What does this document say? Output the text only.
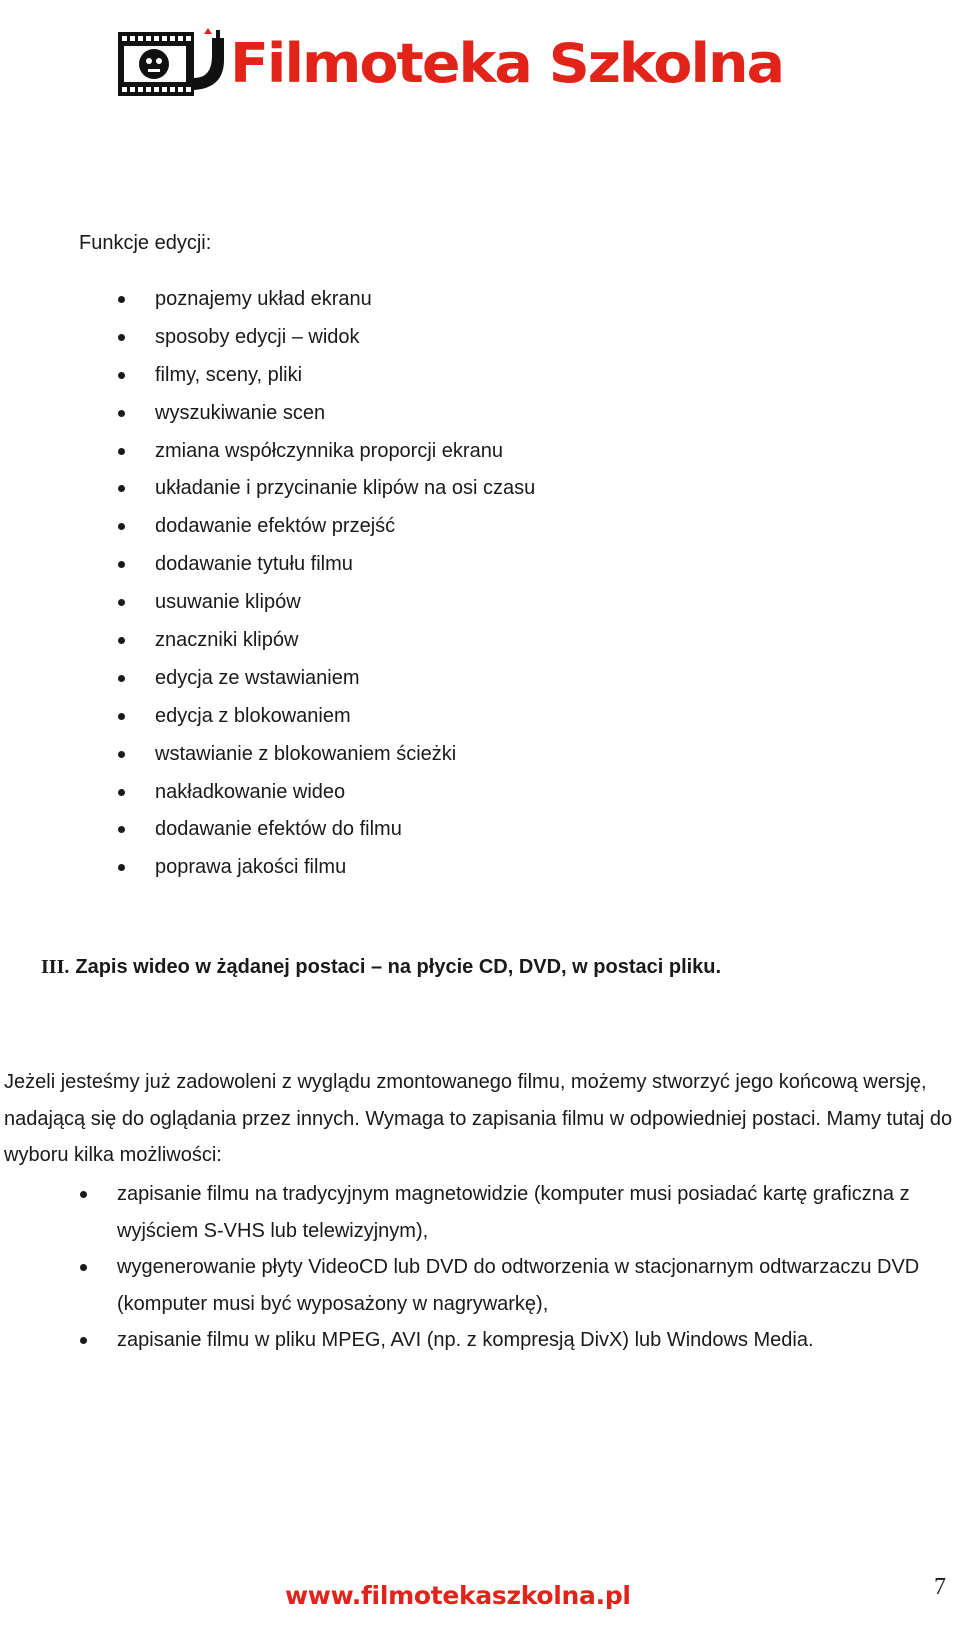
Filmoteka Szkolna
Funkcje edycji:
poznajemy układ ekranu
sposoby edycji – widok
filmy, sceny, pliki
wyszukiwanie scen
zmiana współczynnika proporcji ekranu
układanie i przycinanie klipów na osi czasu
dodawanie efektów przejść
dodawanie tytułu filmu
usuwanie klipów
znaczniki klipów
edycja ze wstawianiem
edycja z blokowaniem
wstawianie z blokowaniem ścieżki
nakładkowanie wideo
dodawanie efektów do filmu
poprawa jakości filmu
III. Zapis wideo w żądanej postaci – na płycie CD, DVD, w postaci pliku.

Jeżeli jesteśmy już zadowoleni z wyglądu zmontowanego filmu, możemy stworzyć jego końcową wersję, nadającą się do oglądania przez innych. Wymaga to zapisania filmu w odpowiedniej postaci. Mamy tutaj do wyboru kilka możliwości:

zapisanie filmu na tradycyjnym magnetowidzie (komputer musi posiadać kartę graficzna z wyjściem S-VHS lub telewizyjnym),
wygenerowanie płyty VideoCD lub DVD do odtworzenia w stacjonarnym odtwarzaczu DVD (komputer musi być wyposażony w nagrywarkę),
zapisanie filmu w pliku MPEG, AVI (np. z kompresją DivX) lub Windows Media.
www.filmotekaszkolna.pl	7
